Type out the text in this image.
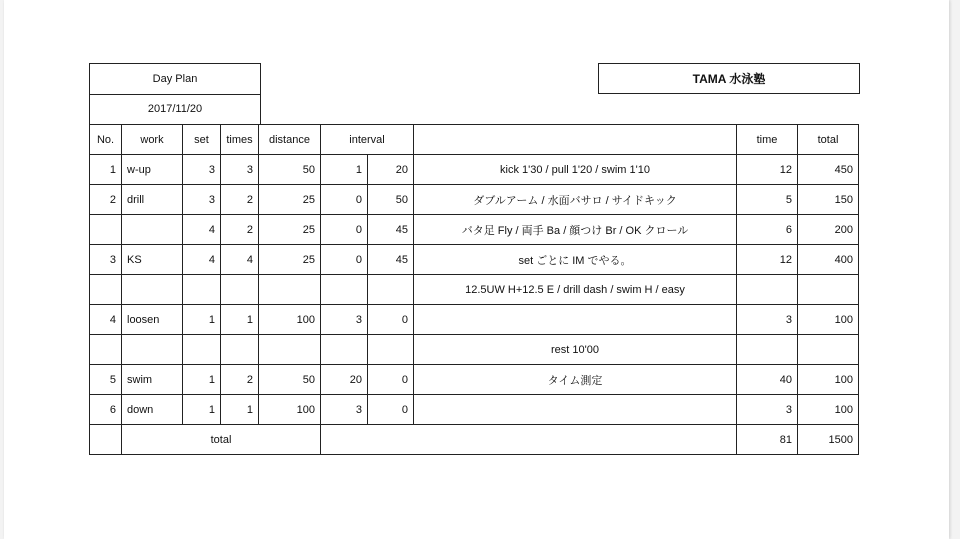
Day Plan
2017/11/20
TAMA 水泳塾
No.	work	set	times	distance	interval			time	total
1	w-up	3	3	50	1	20	kick 1'30 / pull 1'20 / swim 1'10	12	450
2	drill	3	2	25	0	50	ダブルアーム / 水面バサロ / サイドキック	5	150
		4	2	25	0	45	バタ足 Fly / 両手 Ba / 顔つけ Br / OK クロール	6	200
3	KS	4	4	25	0	45	set ごとに IM でやる。	12	400
							12.5UW H+12.5 E / drill dash / swim H / easy		
4	loosen	1	1	100	3	0		3	100
							rest 10'00		
5	swim	1	2	50	20	0	タイム測定	40	100
6	down	1	1	100	3	0		3	100
	total							81	1500
